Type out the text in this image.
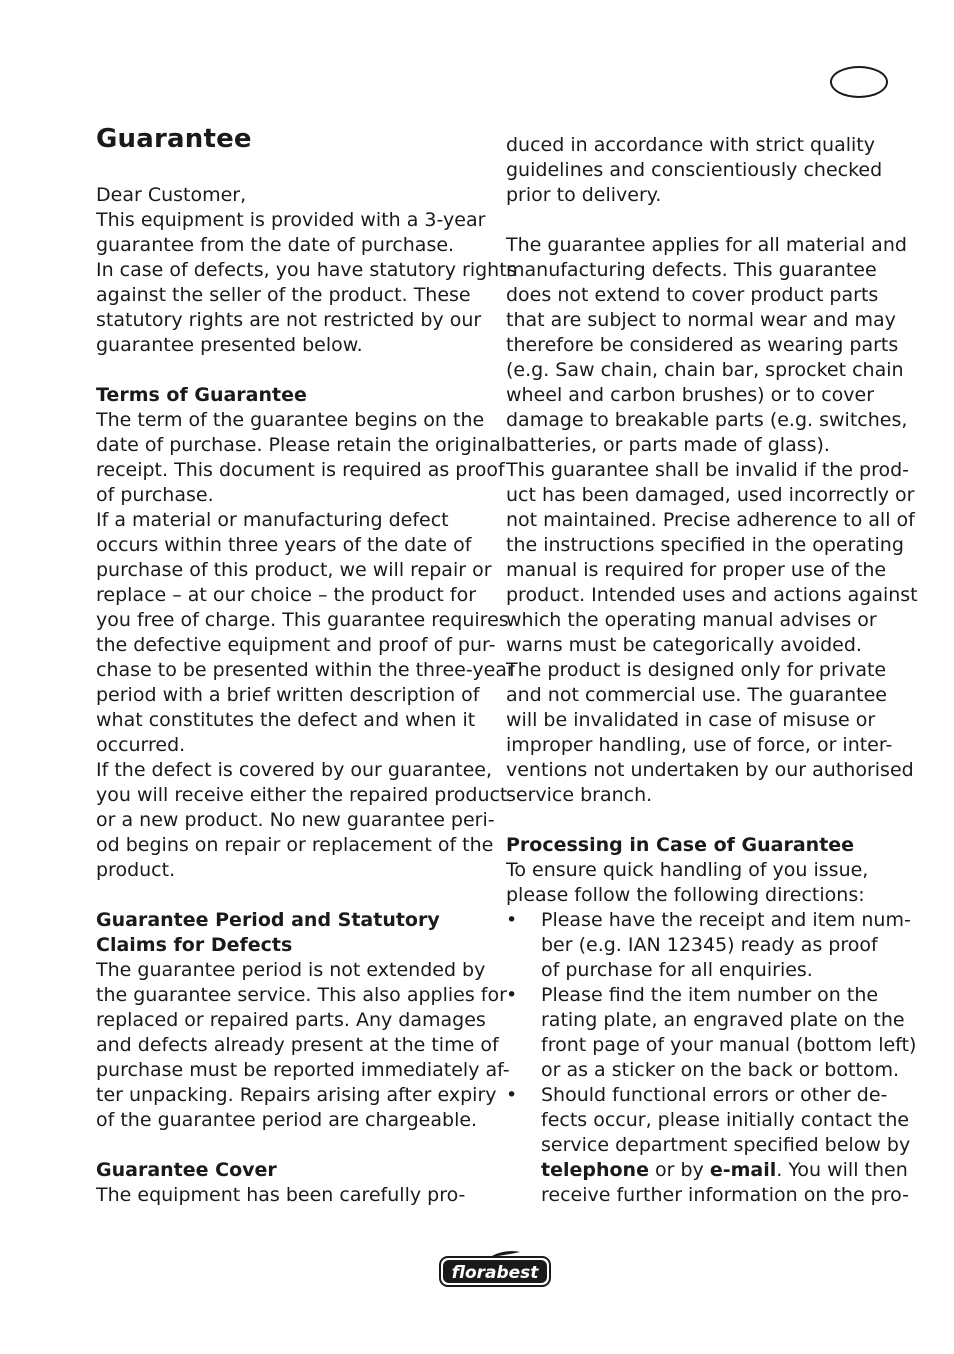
Guarantee
Dear Customer,
This equipment is provided with a 3-year
guarantee from the date of purchase.
In case of defects, you have statutory rights
against the seller of the product. These
statutory rights are not restricted by our
guarantee presented below.
Terms of Guarantee
The term of the guarantee begins on the
date of purchase. Please retain the original
receipt. This document is required as proof
of purchase.
If a material or manufacturing defect
occurs within three years of the date of
purchase of this product, we will repair or
replace – at our choice – the product for
you free of charge. This guarantee requires
the defective equipment and proof of pur-
chase to be presented within the three-year
period with a brief written description of
what constitutes the defect and when it
occurred.
If the defect is covered by our guarantee,
you will receive either the repaired product
or a new product. No new guarantee peri-
od begins on repair or replacement of the
product.
Guarantee Period and Statutory
Claims for Defects
The guarantee period is not extended by
the guarantee service. This also applies for
replaced or repaired parts. Any damages
and defects already present at the time of
purchase must be reported immediately af-
ter unpacking. Repairs arising after expiry
of the guarantee period are chargeable.
Guarantee Cover
The equipment has been carefully pro-
duced in accordance with strict quality
guidelines and conscientiously checked
prior to delivery.
The guarantee applies for all material and
manufacturing defects. This guarantee
does not extend to cover product parts
that are subject to normal wear and may
therefore be considered as wearing parts
(e.g. Saw chain, chain bar, sprocket chain
wheel and carbon brushes) or to cover
damage to breakable parts (e.g. switches,
batteries, or parts made of glass).
This guarantee shall be invalid if the prod-
uct has been damaged, used incorrectly or
not maintained. Precise adherence to all of
the instructions specified in the operating
manual is required for proper use of the
product. Intended uses and actions against
which the operating manual advises or
warns must be categorically avoided.
The product is designed only for private
and not commercial use. The guarantee
will be invalidated in case of misuse or
improper handling, use of force, or inter-
ventions not undertaken by our authorised
service branch.
Processing in Case of Guarantee
To ensure quick handling of you issue,
please follow the following directions:
• Please have the receipt and item num-
ber (e.g. IAN 12345) ready as proof
of purchase for all enquiries.
• Please find the item number on the
rating plate, an engraved plate on the
front page of your manual (bottom left)
or as a sticker on the back or bottom.
• Should functional errors or other de-
fects occur, please initially contact the
service department specified below by
telephone or by e-mail. You will then
receive further information on the pro-
florabest
